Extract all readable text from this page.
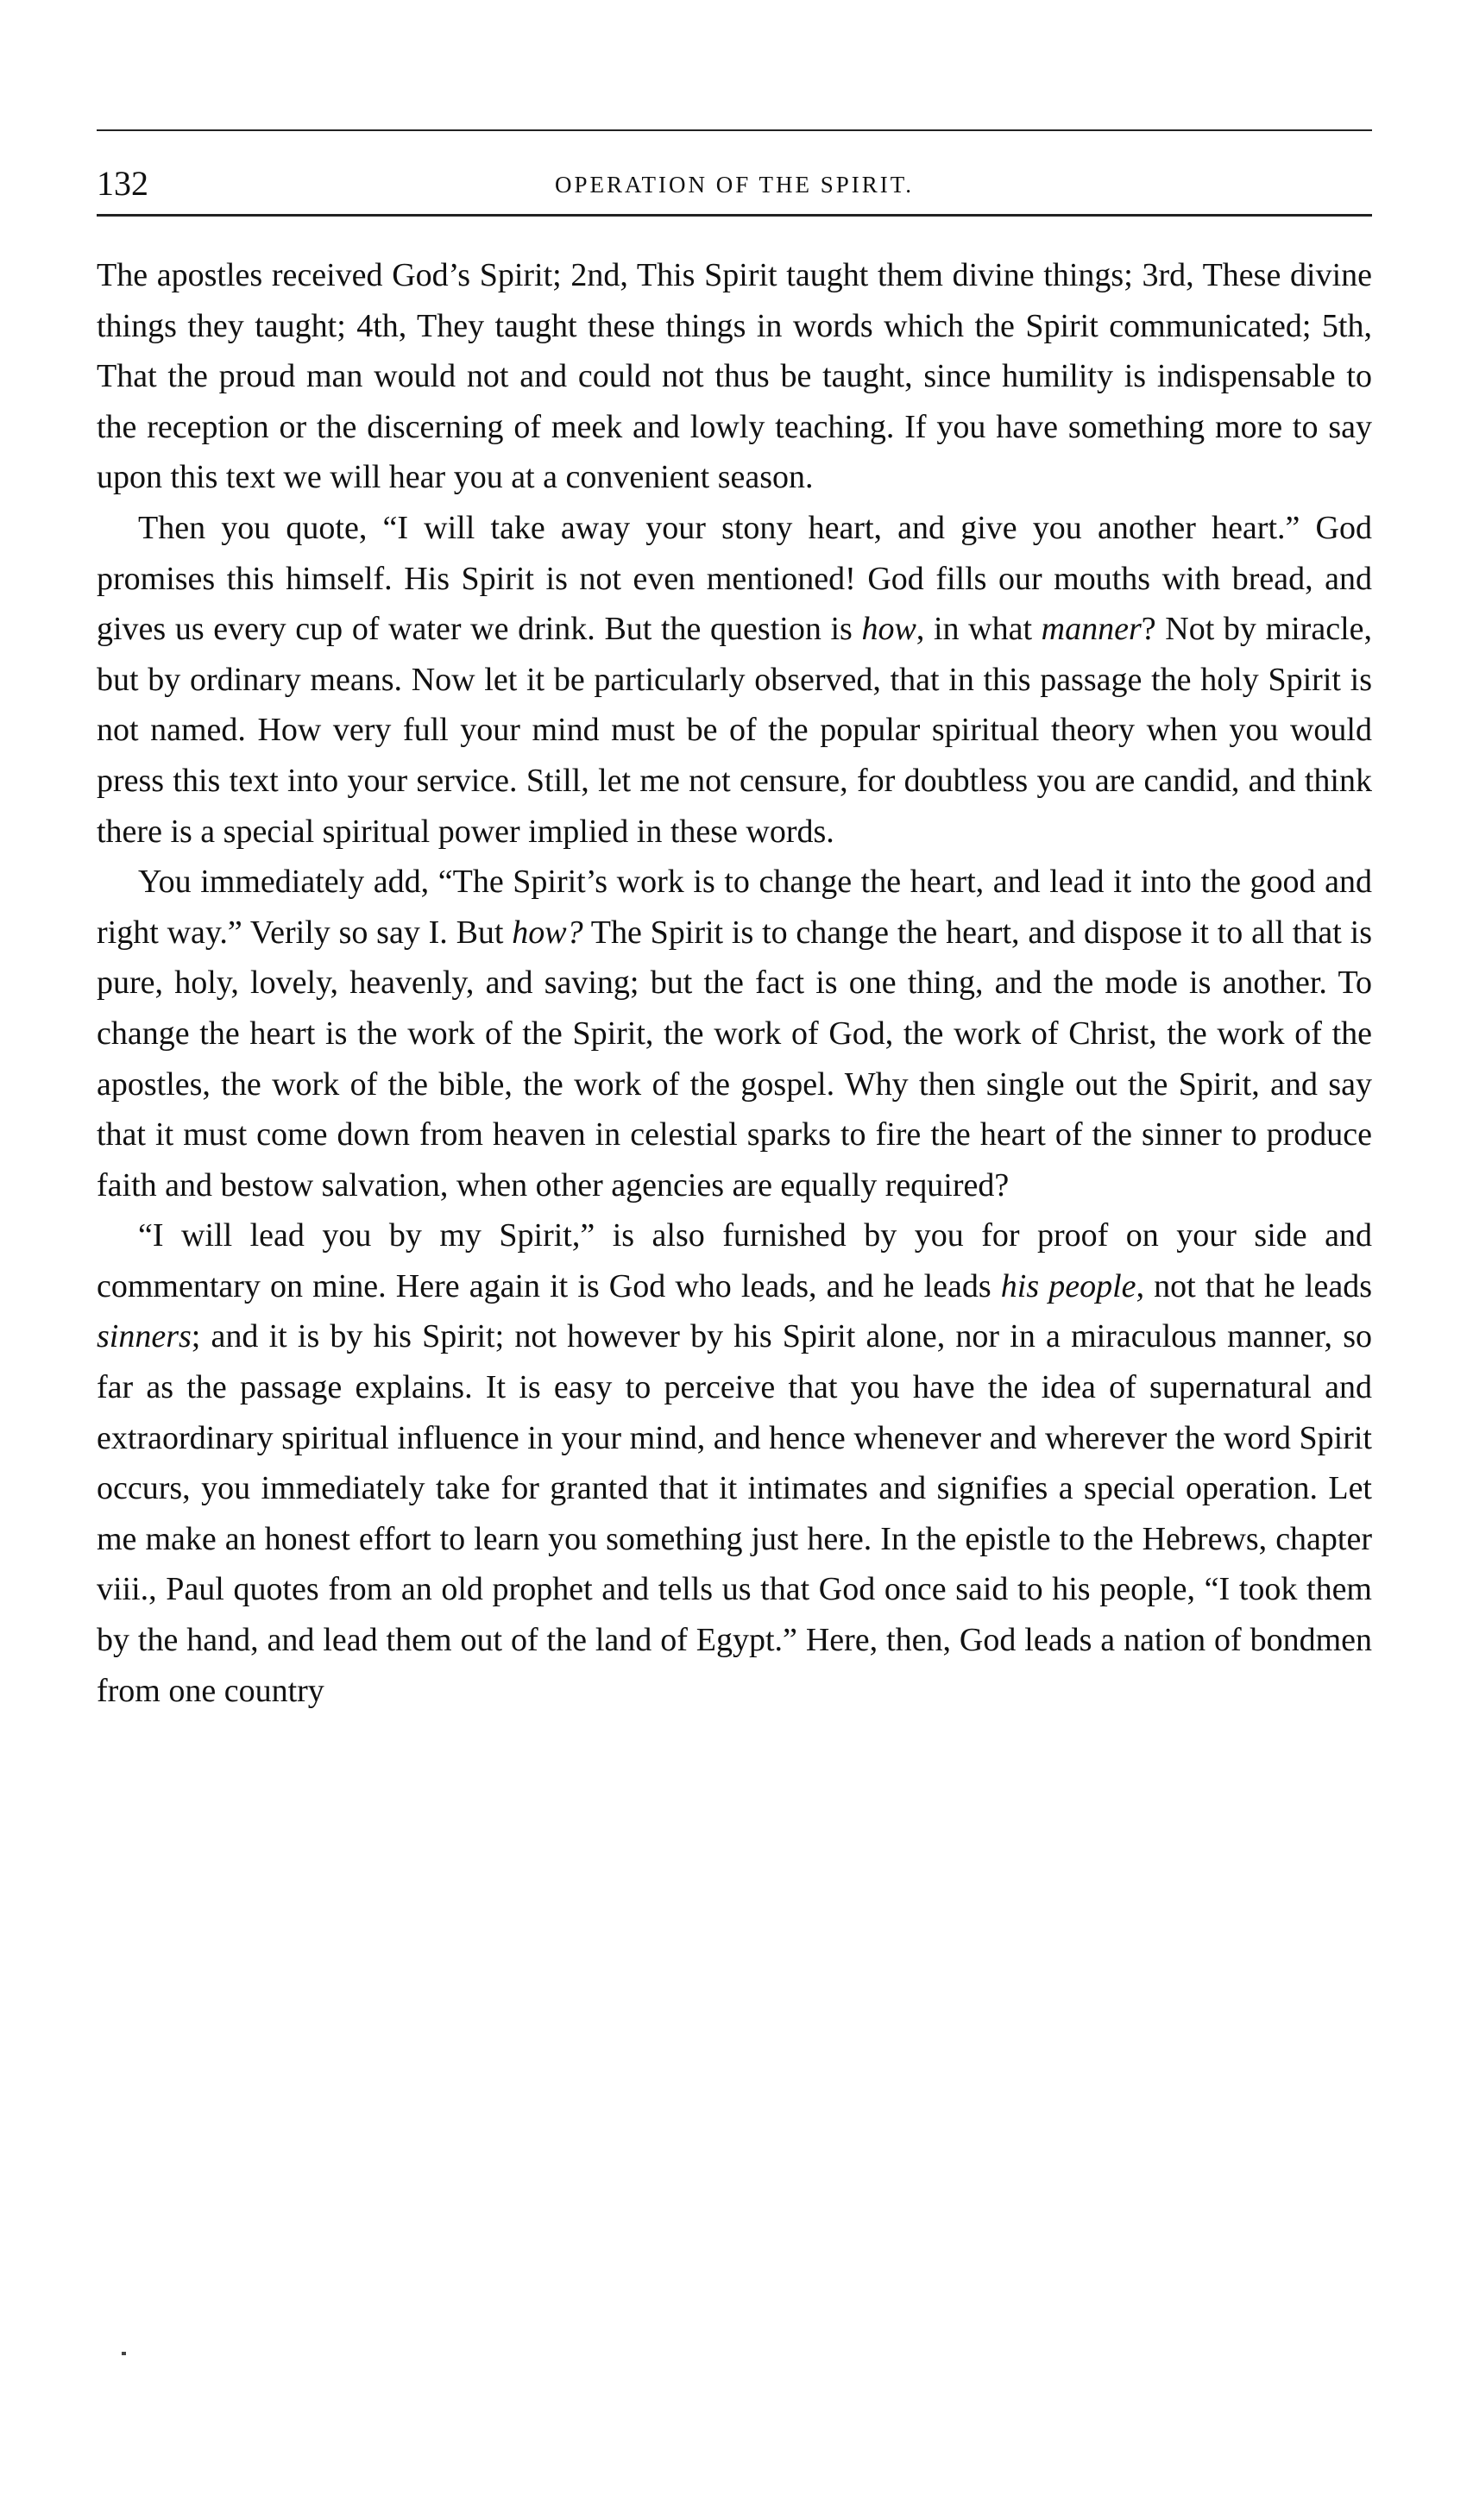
132	OPERATION OF THE SPIRIT.

The apostles received God’s Spirit; 2nd, This Spirit taught them divine things; 3rd, These divine things they taught; 4th, They taught these things in words which the Spirit communicated; 5th, That the proud man would not and could not thus be taught, since humility is indispensable to the reception or the discerning of meek and lowly teaching. If you have something more to say upon this text we will hear you at a convenient season.

Then you quote, “I will take away your stony heart, and give you another heart.” God promises this himself. His Spirit is not even mentioned! God fills our mouths with bread, and gives us every cup of water we drink. But the question is how, in what manner? Not by miracle, but by ordinary means. Now let it be particularly observed, that in this passage the holy Spirit is not named. How very full your mind must be of the popular spiritual theory when you would press this text into your service. Still, let me not censure, for doubtless you are candid, and think there is a special spiritual power implied in these words.

You immediately add, “The Spirit’s work is to change the heart, and lead it into the good and right way.” Verily so say I. But how? The Spirit is to change the heart, and dispose it to all that is pure, holy, lovely, heavenly, and saving; but the fact is one thing, and the mode is another. To change the heart is the work of the Spirit, the work of God, the work of Christ, the work of the apostles, the work of the bible, the work of the gospel. Why then single out the Spirit, and say that it must come down from heaven in celestial sparks to fire the heart of the sinner to produce faith and bestow salvation, when other agencies are equally required?

“I will lead you by my Spirit,” is also furnished by you for proof on your side and commentary on mine. Here again it is God who leads, and he leads his people, not that he leads sinners; and it is by his Spirit; not however by his Spirit alone, nor in a miraculous manner, so far as the passage explains. It is easy to perceive that you have the idea of supernatural and extraordinary spiritual influence in your mind, and hence whenever and wherever the word Spirit occurs, you immediately take for granted that it intimates and signifies a special operation. Let me make an honest effort to learn you something just here. In the epistle to the Hebrews, chapter viii., Paul quotes from an old prophet and tells us that God once said to his people, “I took them by the hand, and lead them out of the land of Egypt.” Here, then, God leads a nation of bondmen from one country
